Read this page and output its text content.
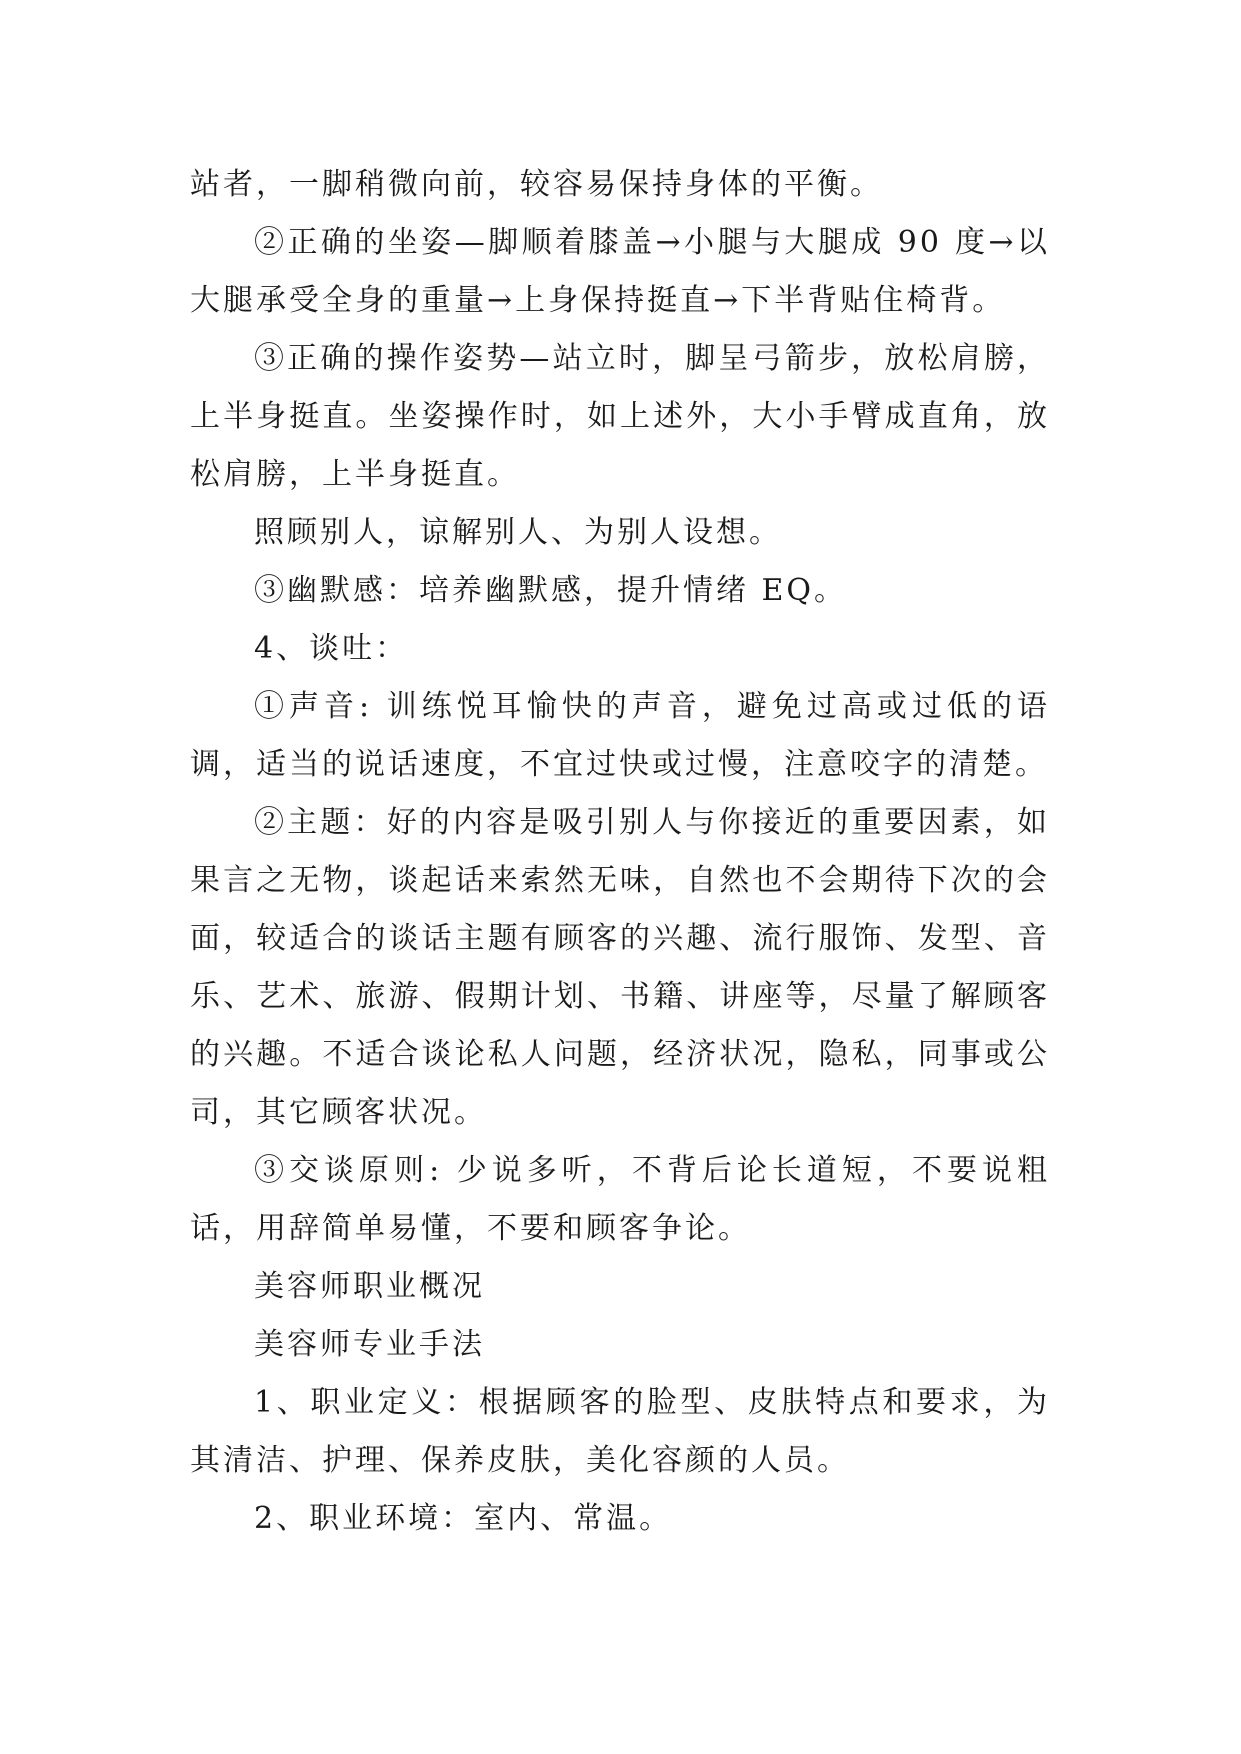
站者，一脚稍微向前，较容易保持身体的平衡。

②正确的坐姿—脚顺着膝盖→小腿与大腿成 90 度→以大腿承受全身的重量→上身保持挺直→下半背贴住椅背。

③正确的操作姿势—站立时，脚呈弓箭步，放松肩膀，上半身挺直。坐姿操作时，如上述外，大小手臂成直角，放松肩膀，上半身挺直。

照顾别人，谅解别人、为别人设想。

③幽默感：培养幽默感，提升情绪 EQ。

4、谈吐：

①声音: 训练悦耳愉快的声音，避免过高或过低的语调，适当的说话速度，不宜过快或过慢，注意咬字的清楚。

②主题：好的内容是吸引别人与你接近的重要因素，如果言之无物，谈起话来索然无味，自然也不会期待下次的会面，较适合的谈话主题有顾客的兴趣、流行服饰、发型、音乐、艺术、旅游、假期计划、书籍、讲座等，尽量了解顾客的兴趣。不适合谈论私人问题，经济状况，隐私，同事或公司，其它顾客状况。

③交谈原则: 少说多听，不背后论长道短，不要说粗话，用辞简单易懂，不要和顾客争论。

美容师职业概况

美容师专业手法

1、职业定义：根据顾客的脸型、皮肤特点和要求，为其清洁、护理、保养皮肤，美化容颜的人员。

2、职业环境：室内、常温。
